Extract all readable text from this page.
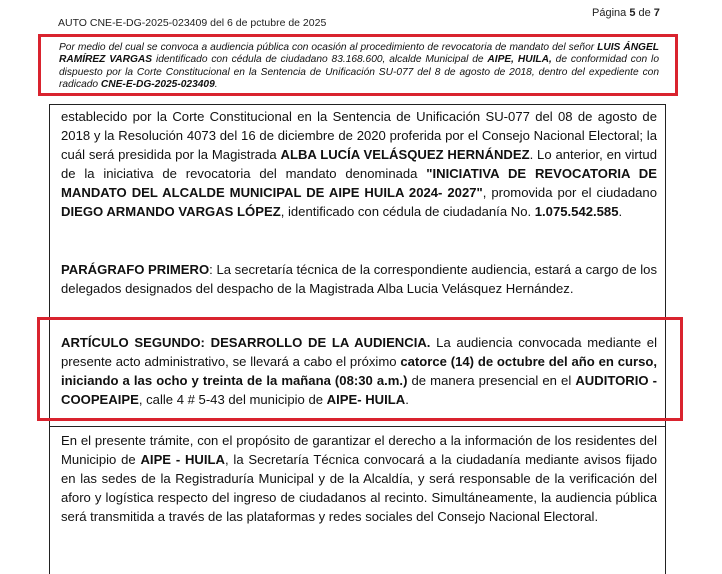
AUTO CNE-E-DG-2025-023409 del 6 de pctubre de 2025
Página 5 de 7
Por medio del cual se convoca a audiencia pública con ocasión al procedimiento de revocatoria de mandato del señor LUIS ÁNGEL RAMÍREZ VARGAS identificado con cédula de ciudadano 83.168.600, alcalde Municipal de AIPE, HUILA, de conformidad con lo dispuesto por la Corte Constitucional en la Sentencia de Unificación SU-077 del 8 de agosto de 2018, dentro del expediente con radicado CNE-E-DG-2025-023409.
establecido por la Corte Constitucional en la Sentencia de Unificación SU-077 del 08 de agosto de 2018 y la Resolución 4073 del 16 de diciembre de 2020 proferida por el Consejo Nacional Electoral; la cuál será presidida por la Magistrada ALBA LUCÍA VELÁSQUEZ HERNÁNDEZ. Lo anterior, en virtud de la iniciativa de revocatoria del mandato denominada "INICIATIVA DE REVOCATORIA DE MANDATO DEL ALCALDE MUNICIPAL DE AIPE HUILA 2024- 2027", promovida por el ciudadano DIEGO ARMANDO VARGAS LÓPEZ, identificado con cédula de ciudadanía No. 1.075.542.585.
PARÁGRAFO PRIMERO: La secretaría técnica de la correspondiente audiencia, estará a cargo de los delegados designados del despacho de la Magistrada Alba Lucia Velásquez Hernández.
ARTÍCULO SEGUNDO: DESARROLLO DE LA AUDIENCIA. La audiencia convocada mediante el presente acto administrativo, se llevará a cabo el próximo catorce (14) de octubre del año en curso, iniciando a las ocho y treinta de la mañana (08:30 a.m.) de manera presencial en el AUDITORIO -COOPEAIPE, calle 4 # 5-43 del municipio de AIPE- HUILA.
En el presente trámite, con el propósito de garantizar el derecho a la información de los residentes del Municipio de AIPE - HUILA, la Secretaría Técnica convocará a la ciudadanía mediante avisos fijado en las sedes de la Registraduría Municipal y de la Alcaldía, y será responsable de la verificación del aforo y logística respecto del ingreso de ciudadanos al recinto. Simultáneamente, la audiencia pública será transmitida a través de las plataformas y redes sociales del Consejo Nacional Electoral.
